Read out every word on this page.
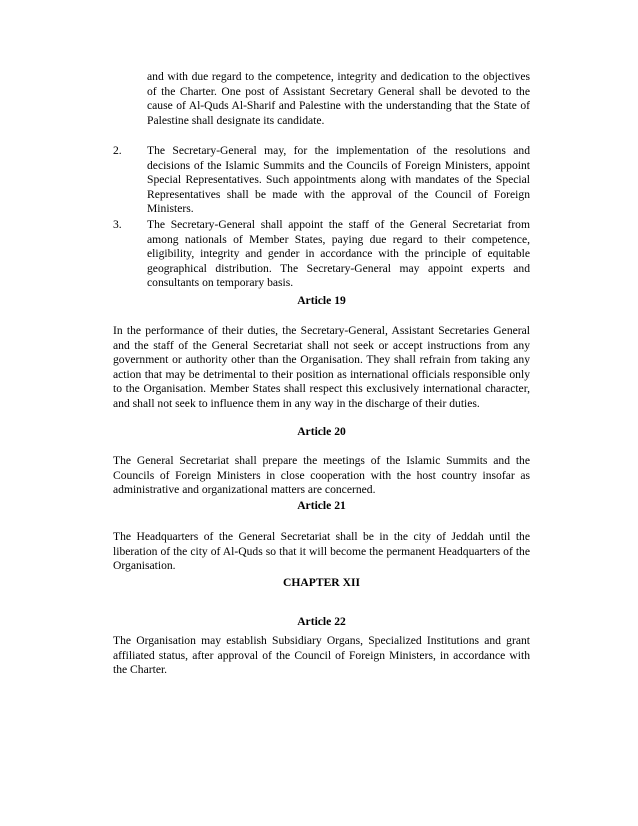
and with due regard to the competence, integrity and dedication to the objectives of the Charter. One post of Assistant Secretary General shall be devoted to the cause of Al-Quds Al-Sharif and Palestine with the understanding that the State of Palestine shall designate its candidate.

2. The Secretary-General may, for the implementation of the resolutions and decisions of the Islamic Summits and the Councils of Foreign Ministers, appoint Special Representatives. Such appointments along with mandates of the Special Representatives shall be made with the approval of the Council of Foreign Ministers.

3. The Secretary-General shall appoint the staff of the General Secretariat from among nationals of Member States, paying due regard to their competence, eligibility, integrity and gender in accordance with the principle of equitable geographical distribution. The Secretary-General may appoint experts and consultants on temporary basis.

Article 19

In the performance of their duties, the Secretary-General, Assistant Secretaries General and the staff of the General Secretariat shall not seek or accept instructions from any government or authority other than the Organisation. They shall refrain from taking any action that may be detrimental to their position as international officials responsible only to the Organisation. Member States shall respect this exclusively international character, and shall not seek to influence them in any way in the discharge of their duties.

Article 20

The General Secretariat shall prepare the meetings of the Islamic Summits and the Councils of Foreign Ministers in close cooperation with the host country insofar as administrative and organizational matters are concerned.

Article 21

The Headquarters of the General Secretariat shall be in the city of Jeddah until the liberation of the city of Al-Quds so that it will become the permanent Headquarters of the Organisation.

CHAPTER XII

Article 22

The Organisation may establish Subsidiary Organs, Specialized Institutions and grant affiliated status, after approval of the Council of Foreign Ministers, in accordance with the Charter.
